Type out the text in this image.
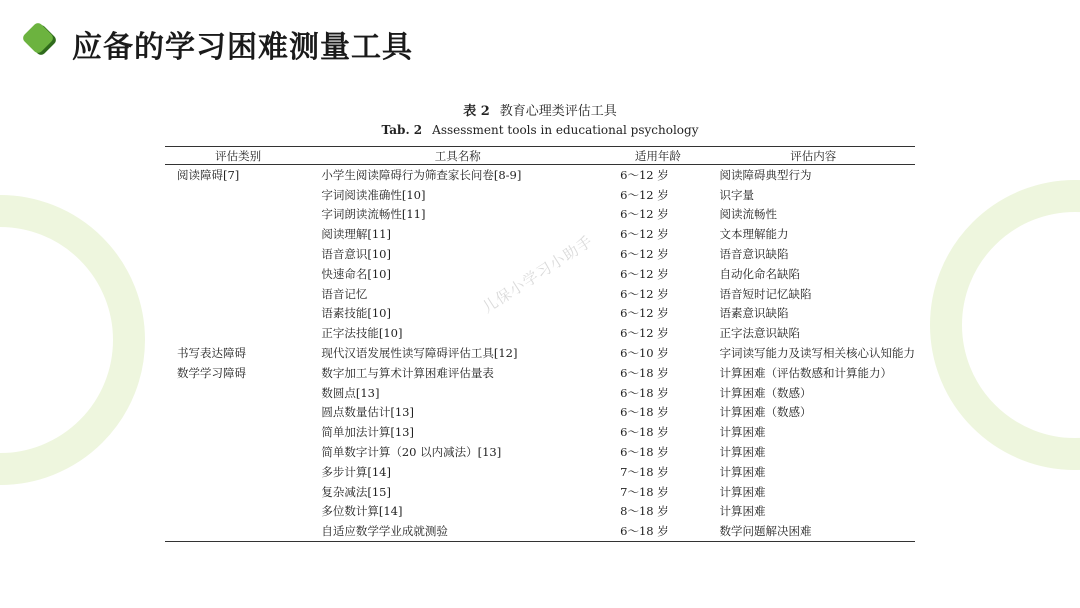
应备的学习困难测量工具
表 2 教育心理类评估工具
Tab. 2 Assessment tools in educational psychology
评估类别	工具名称	适用年龄	评估内容
阅读障碍[7]	小学生阅读障碍行为筛查家长问卷[8-9]	6～12 岁	阅读障碍典型行为
	字词阅读准确性[10]	6～12 岁	识字量
	字词朗读流畅性[11]	6～12 岁	阅读流畅性
	阅读理解[11]	6～12 岁	文本理解能力
	语音意识[10]	6～12 岁	语音意识缺陷
	快速命名[10]	6～12 岁	自动化命名缺陷
	语音记忆	6～12 岁	语音短时记忆缺陷
	语素技能[10]	6～12 岁	语素意识缺陷
	正字法技能[10]	6～12 岁	正字法意识缺陷
书写表达障碍	现代汉语发展性读写障碍评估工具[12]	6～10 岁	字词读写能力及读写相关核心认知能力
数学学习障碍	数字加工与算术计算困难评估量表	6～18 岁	计算困难（评估数感和计算能力）
	数圆点[13]	6～18 岁	计算困难（数感）
	圆点数量估计[13]	6～18 岁	计算困难（数感）
	简单加法计算[13]	6～18 岁	计算困难
	简单数字计算（20 以内减法）[13]	6～18 岁	计算困难
	多步计算[14]	7～18 岁	计算困难
	复杂减法[15]	7～18 岁	计算困难
	多位数计算[14]	8～18 岁	计算困难
	自适应数学学业成就测验	6～18 岁	数学问题解决困难
儿保小学习小助手
